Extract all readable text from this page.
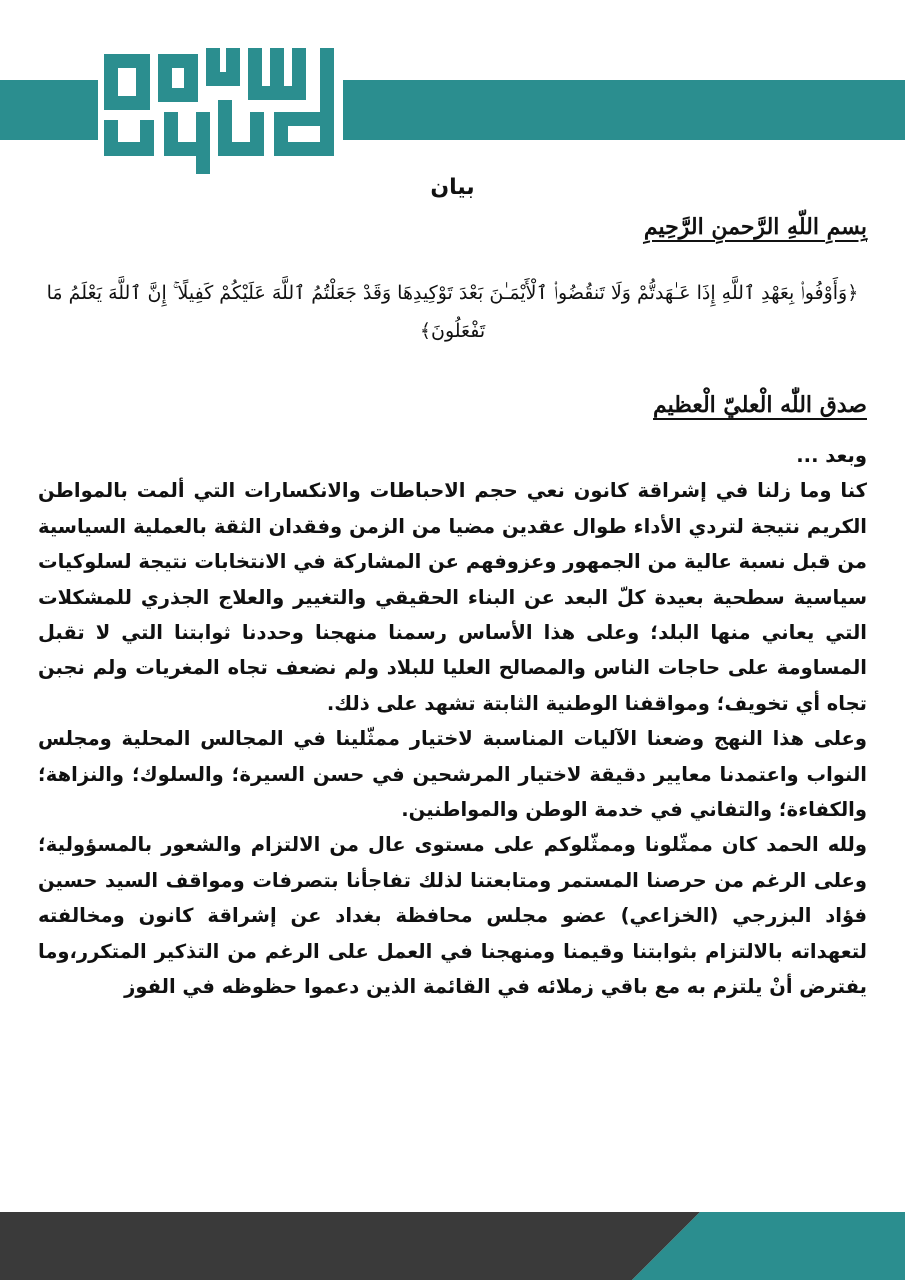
بيان
بِسمِ اللّهِ الرَّحمنِ الرَّحِيمِ
﴿وَأَوْفُوا۟ بِعَهْدِ ٱللَّهِ إِذَا عَـٰهَدتُّمْ وَلَا تَنقُضُوا۟ ٱلْأَيْمَـٰنَ بَعْدَ تَوْكِيدِهَا وَقَدْ جَعَلْتُمُ ٱللَّهَ عَلَيْكُمْ كَفِيلًا ۚ إِنَّ ٱللَّهَ يَعْلَمُ مَا تَفْعَلُونَ﴾
صدق اللّٰه الْعليّ الْعظيم

وبعد ...

كنا وما زلنا في إشراقة كانون نعي حجم الاحباطات والانكسارات التي ألمت بالمواطن الكريم نتيجة لتردي الأداء طوال عقدين مضيا من الزمن وفقدان الثقة بالعملية السياسية من قبل نسبة عالية من الجمهور وعزوفهم عن المشاركة في الانتخابات نتيجة لسلوكيات سياسية سطحية بعيدة كلّ البعد عن البناء الحقيقي والتغيير والعلاج الجذري للمشكلات التي يعاني منها البلد؛ وعلى هذا الأساس رسمنا منهجنا وحددنا ثوابتنا التي لا تقبل المساومة على حاجات الناس والمصالح العليا للبلاد ولم نضعف تجاه المغريات ولم نجبن تجاه أي تخويف؛ ومواقفنا الوطنية الثابتة تشهد على ذلك.

وعلى هذا النهج وضعنا الآليات المناسبة لاختيار ممثّلينا في المجالس المحلية ومجلس النواب واعتمدنا معايير دقيقة لاختيار المرشحين في حسن السيرة؛ والسلوك؛ والنزاهة؛ والكفاءة؛ والتفاني في خدمة الوطن والمواطنين.

ولله الحمد كان ممثّلونا وممثّلوكم على مستوى عال من الالتزام والشعور بالمسؤولية؛ وعلى الرغم من حرصنا المستمر ومتابعتنا لذلك تفاجأنا بتصرفات ومواقف السيد حسين فؤاد البزرجي (الخزاعي) عضو مجلس محافظة بغداد عن إشراقة كانون ومخالفته لتعهداته بالالتزام بثوابتنا وقيمنا ومنهجنا في العمل على الرغم من التذكير المتكرر،وما يفترض أنْ يلتزم به مع باقي زملائه في القائمة الذين دعموا حظوظه في الفوز
